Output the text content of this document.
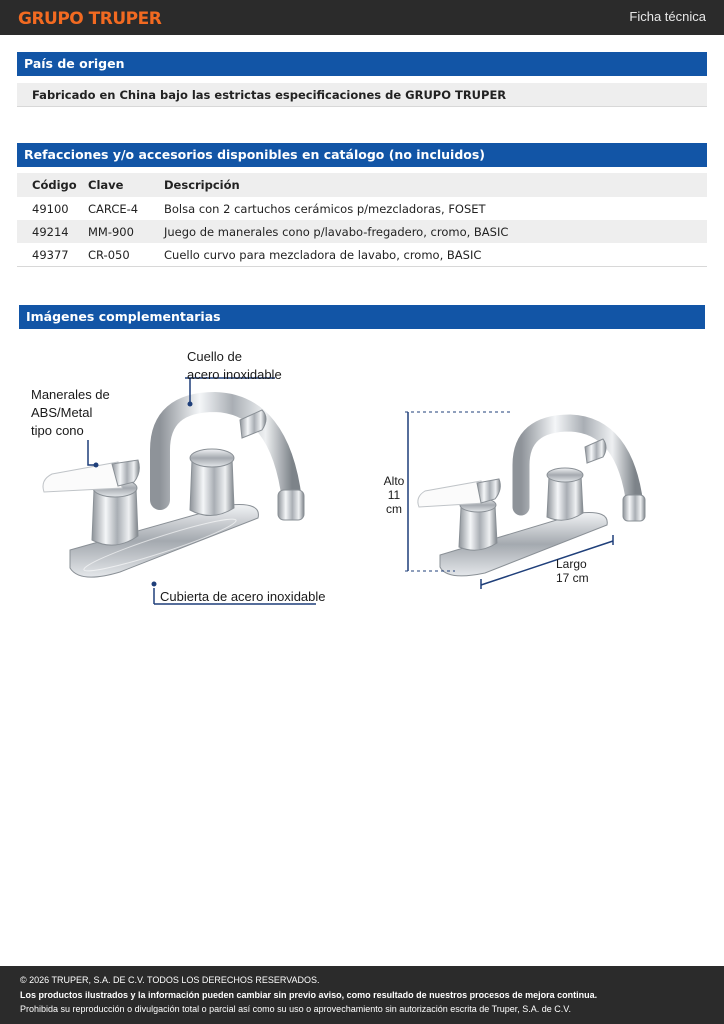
GRUPO TRUPER	Ficha técnica
País de origen
Fabricado en China bajo las estrictas especificaciones de GRUPO TRUPER
Refacciones y/o accesorios disponibles en catálogo (no incluidos)
Código	Clave	Descripción
49100	CARCE-4	Bolsa con 2 cartuchos cerámicos p/mezcladoras, FOSET
49214	MM-900	Juego de manerales cono p/lavabo-fregadero, cromo, BASIC
49377	CR-050	Cuello curvo para mezcladora de lavabo, cromo, BASIC
Imágenes complementarias
Cuello de
acero inoxidable
Manerales de
ABS/Metal
tipo cono
Cubierta de acero inoxidable
Alto
11 cm
Largo
17 cm
© 2026 TRUPER, S.A. DE C.V. TODOS LOS DERECHOS RESERVADOS.
Los productos ilustrados y la información pueden cambiar sin previo aviso, como resultado de nuestros procesos de mejora continua.
Prohibida su reproducción o divulgación total o parcial así como su uso o aprovechamiento sin autorización escrita de Truper, S.A. de C.V.
